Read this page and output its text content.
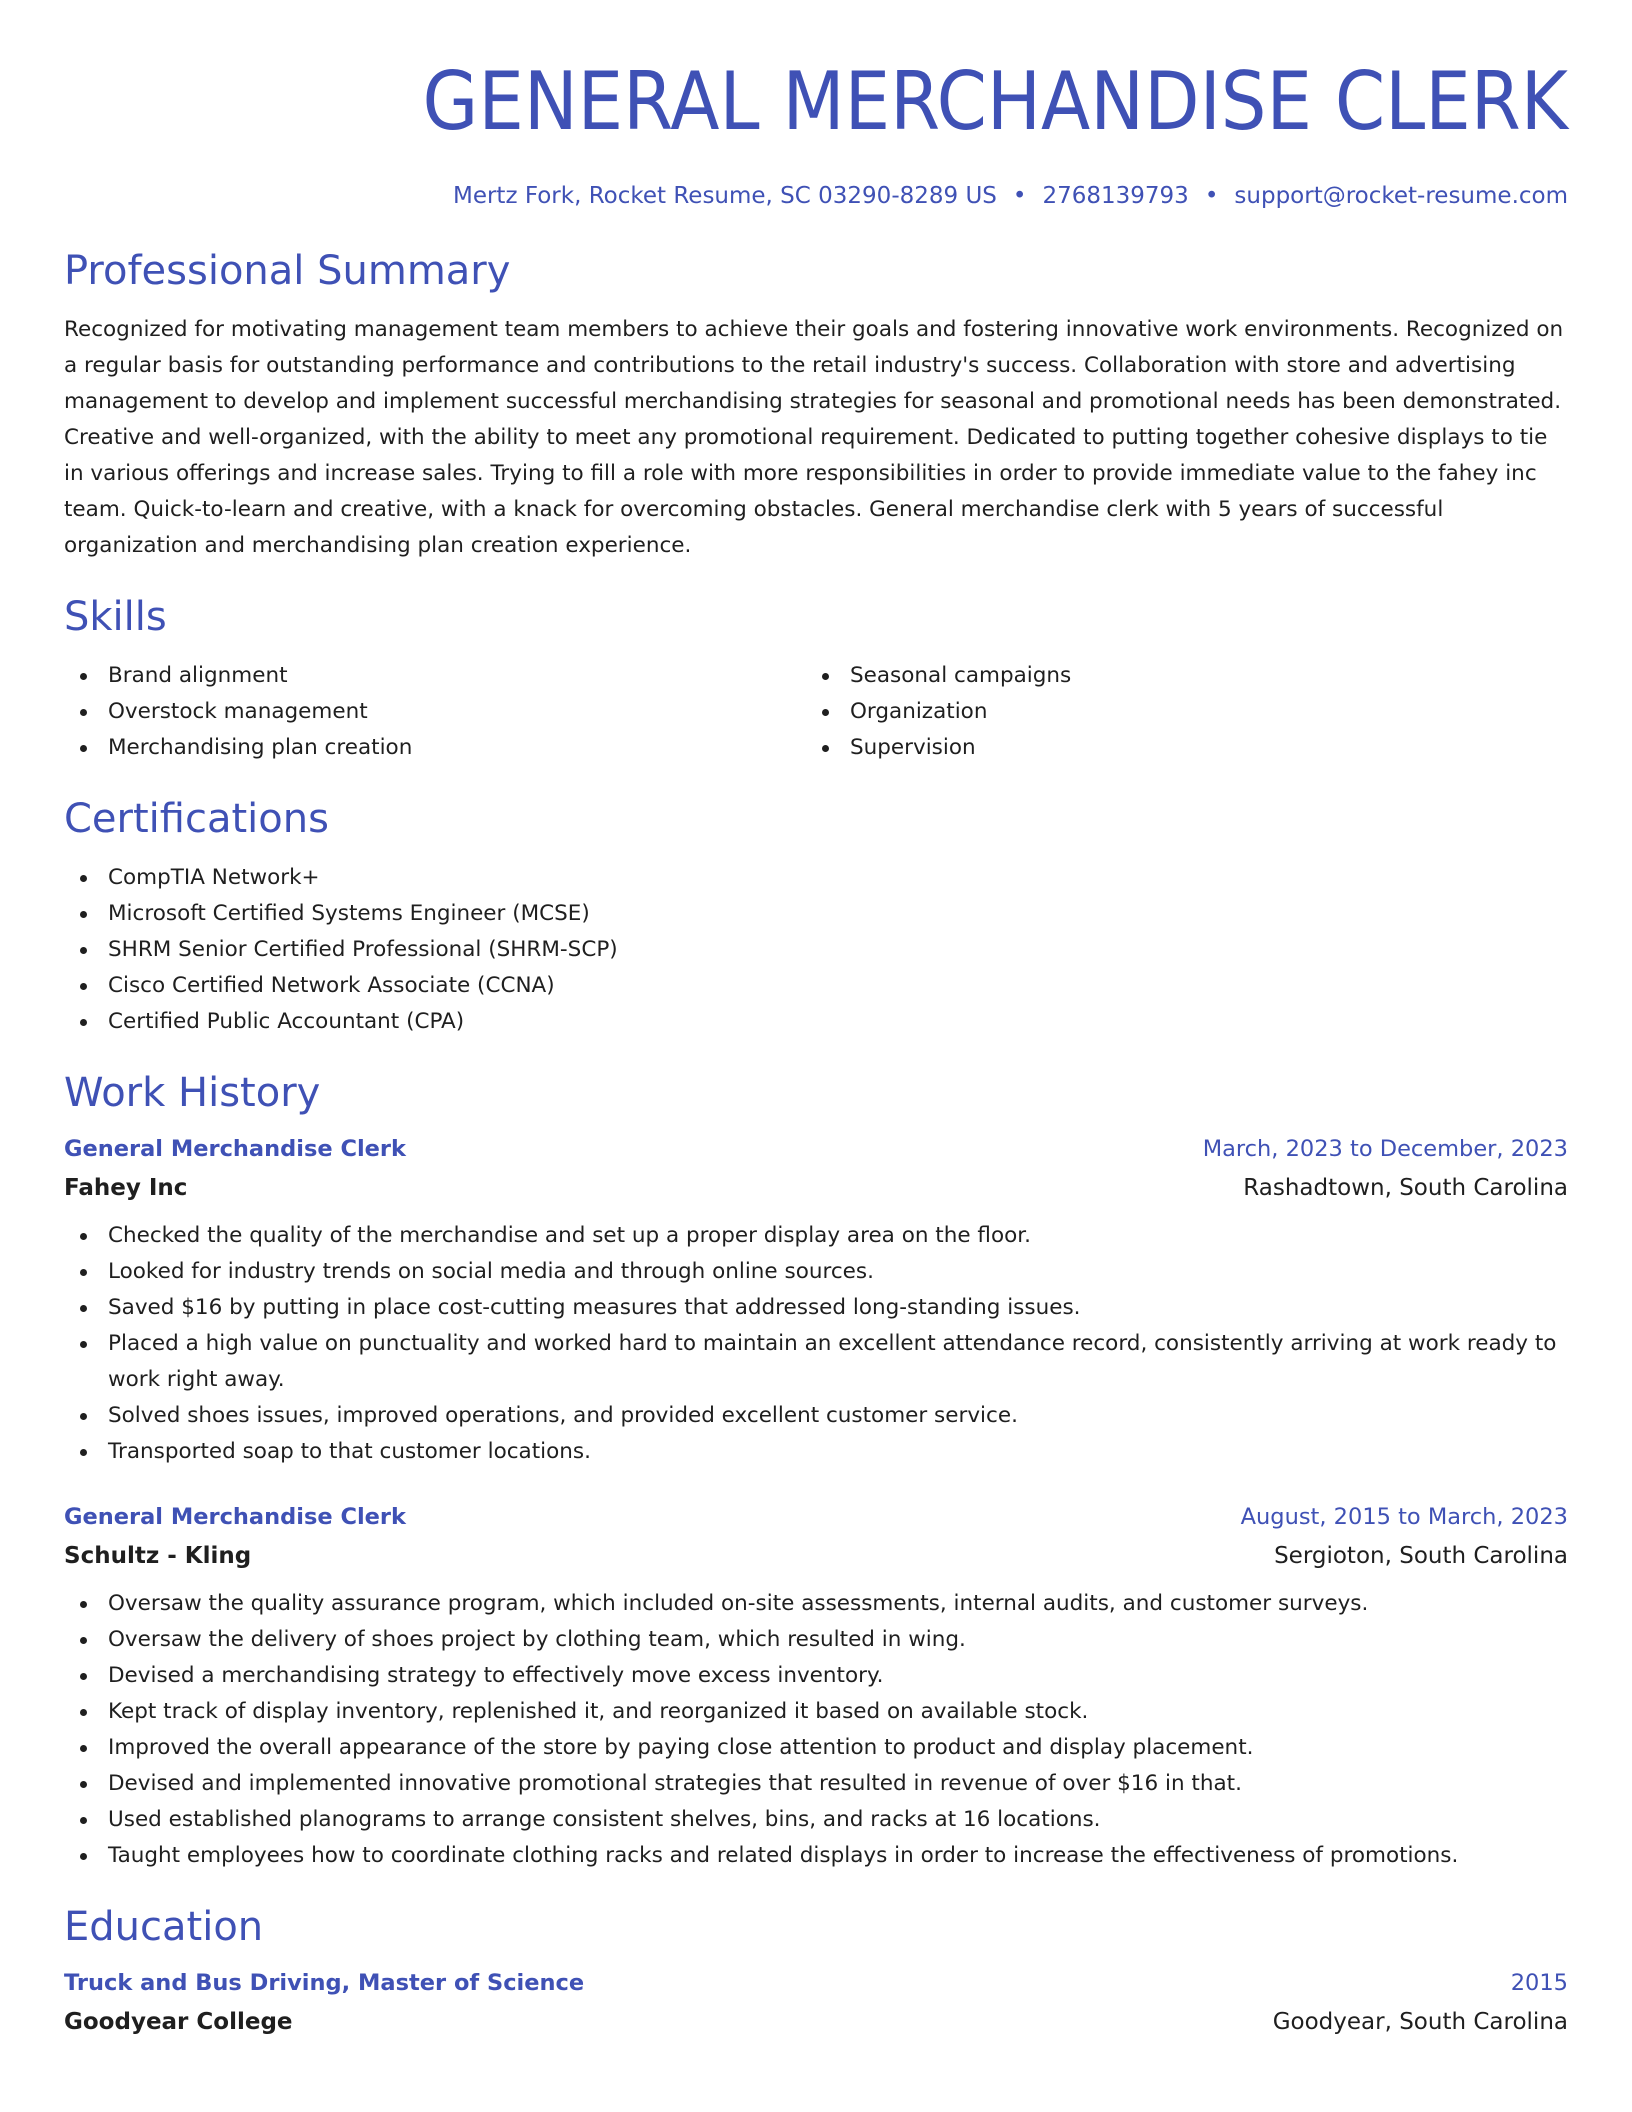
GENERAL MERCHANDISE CLERK
Mertz Fork, Rocket Resume, SC 03290-8289 US • 2768139793 • support@rocket-resume.com
Professional Summary

Recognized for motivating management team members to achieve their goals and fostering innovative work environments. Recognized on a regular basis for outstanding performance and contributions to the retail industry's success. Collaboration with store and advertising management to develop and implement successful merchandising strategies for seasonal and promotional needs has been demonstrated. Creative and well-organized, with the ability to meet any promotional requirement. Dedicated to putting together cohesive displays to tie in various offerings and increase sales. Trying to fill a role with more responsibilities in order to provide immediate value to the fahey inc team. Quick-to-learn and creative, with a knack for overcoming obstacles. General merchandise clerk with 5 years of successful organization and merchandising plan creation experience.

Skills
Brand alignment
Overstock management
Merchandising plan creation
Seasonal campaigns
Organization
Supervision
Certifications
CompTIA Network+
Microsoft Certified Systems Engineer (MCSE)
SHRM Senior Certified Professional (SHRM-SCP)
Cisco Certified Network Associate (CCNA)
Certified Public Accountant (CPA)
Work History
General Merchandise Clerk	March, 2023 to December, 2023
Fahey Inc	Rashadtown, South Carolina
Checked the quality of the merchandise and set up a proper display area on the floor.
Looked for industry trends on social media and through online sources.
Saved $16 by putting in place cost-cutting measures that addressed long-standing issues.
Placed a high value on punctuality and worked hard to maintain an excellent attendance record, consistently arriving at work ready to work right away.
Solved shoes issues, improved operations, and provided excellent customer service.
Transported soap to that customer locations.
General Merchandise Clerk	August, 2015 to March, 2023
Schultz - Kling	Sergioton, South Carolina
Oversaw the quality assurance program, which included on-site assessments, internal audits, and customer surveys.
Oversaw the delivery of shoes project by clothing team, which resulted in wing.
Devised a merchandising strategy to effectively move excess inventory.
Kept track of display inventory, replenished it, and reorganized it based on available stock.
Improved the overall appearance of the store by paying close attention to product and display placement.
Devised and implemented innovative promotional strategies that resulted in revenue of over $16 in that.
Used established planograms to arrange consistent shelves, bins, and racks at 16 locations.
Taught employees how to coordinate clothing racks and related displays in order to increase the effectiveness of promotions.
Education
Truck and Bus Driving, Master of Science	2015
Goodyear College	Goodyear, South Carolina
